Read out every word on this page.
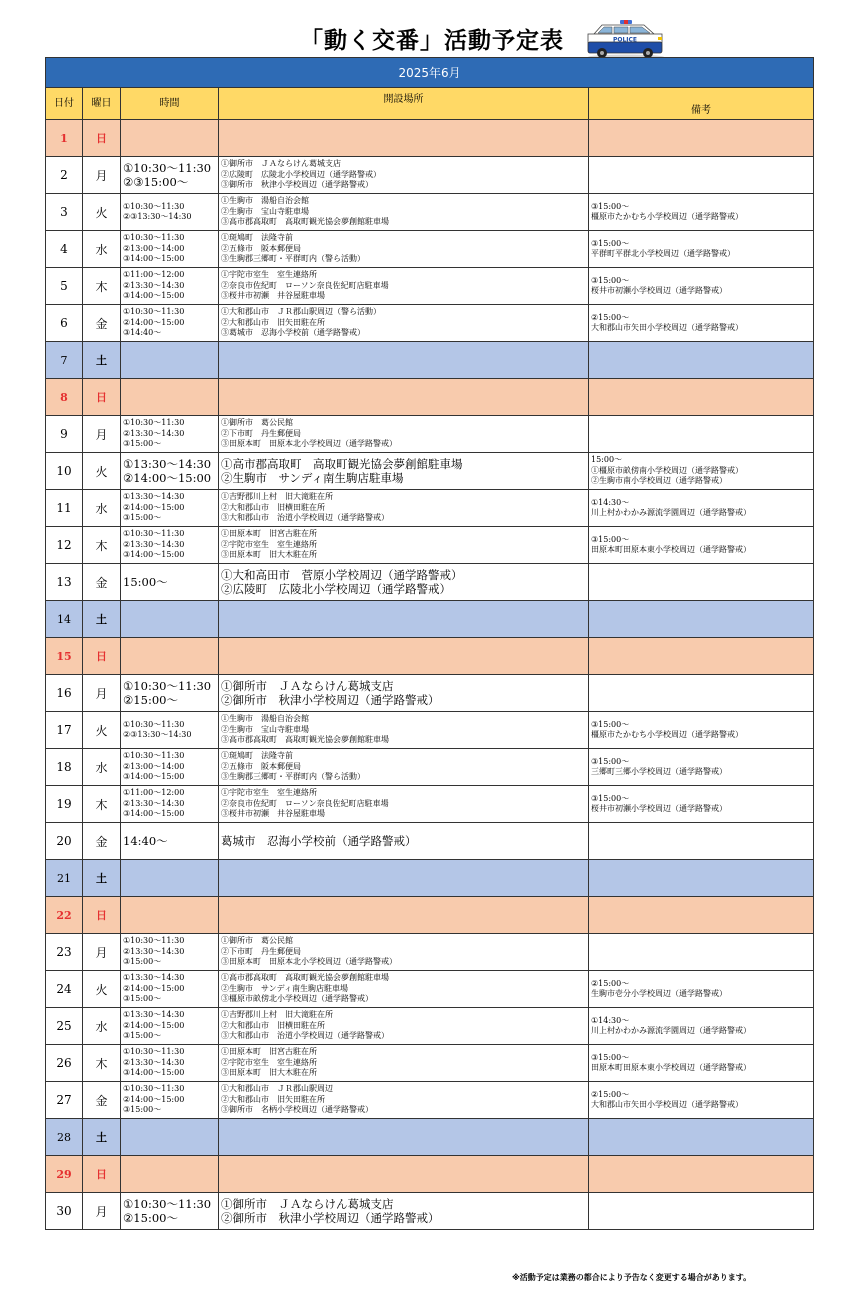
「動く交番」活動予定表	POLICE
2025年6月				
日付	曜日	時間	開設場所	備考

1	日	

2	月	①10:30～11:30
②③15:00～	①御所市　ＪＡならけん葛城支店
②広陵町　広陵北小学校周辺（通学路警戒）
③御所市　秋津小学校周辺（通学路警戒）	

3	火	①10:30～11:30
②③13:30～14:30	①生駒市　湯船自治会館
②生駒市　宝山寺駐車場
③高市郡高取町　高取町観光協会夢創館駐車場	③15:00～
橿原市たかむち小学校周辺（通学路警戒）

4	水	①10:30～11:30
②13:00～14:00
③14:00～15:00	①斑鳩町　法隆寺前
②五條市　阪本郵便局
③生駒郡三郷町・平群町内（警ら活動）	③15:00～
平群町平群北小学校周辺（通学路警戒）

5	木	①11:00～12:00
②13:30～14:30
③14:00～15:00	①宇陀市室生　室生連絡所
②奈良市佐紀町　ローソン奈良佐紀町店駐車場
③桜井市初瀬　井谷屋駐車場	③15:00～
桜井市初瀬小学校周辺（通学路警戒）

6	金	①10:30～11:30
②14:00～15:00
③14:40～	①大和郡山市　ＪＲ郡山駅周辺（警ら活動）
②大和郡山市　旧矢田駐在所
③葛城市　忍海小学校前（通学路警戒）	②15:00～
大和郡山市矢田小学校周辺（通学路警戒）

7	土	

8	日	

9	月	①10:30～11:30
②13:30～14:30
③15:00～	①御所市　葛公民館
②下市町　丹生郵便局
③田原本町　田原本北小学校周辺（通学路警戒）	

10	火	①13:30～14:30
②14:00～15:00	①高市郡高取町　高取町観光協会夢創館駐車場
②生駒市　サンディ南生駒店駐車場	15:00～
①橿原市畝傍南小学校周辺（通学路警戒）
②生駒市南小学校周辺（通学路警戒）

11	水	①13:30～14:30
②14:00～15:00
③15:00～	①吉野郡川上村　旧大滝駐在所
②大和郡山市　旧横田駐在所
③大和郡山市　治道小学校周辺（通学路警戒）	①14:30～
川上村かわかみ源流学園周辺（通学路警戒）

12	木	①10:30～11:30
②13:30～14:30
③14:00～15:00	①田原本町　旧宮古駐在所
②宇陀市室生　室生連絡所
③田原本町　旧大木駐在所	③15:00～
田原本町田原本東小学校周辺（通学路警戒）

13	金	15:00～	①大和高田市　菅原小学校周辺（通学路警戒）
②広陵町　広陵北小学校周辺（通学路警戒）	

14	土	

15	日	

16	月	①10:30～11:30
②15:00～	①御所市　ＪＡならけん葛城支店
②御所市　秋津小学校周辺（通学路警戒）	

17	火	①10:30～11:30
②③13:30～14:30	①生駒市　湯船自治会館
②生駒市　宝山寺駐車場
③高市郡高取町　高取町観光協会夢創館駐車場	③15:00～
橿原市たかむち小学校周辺（通学路警戒）

18	水	①10:30～11:30
②13:00～14:00
③14:00～15:00	①斑鳩町　法隆寺前
②五條市　阪本郵便局
③生駒郡三郷町・平群町内（警ら活動）	③15:00～
三郷町三郷小学校周辺（通学路警戒）

19	木	①11:00～12:00
②13:30～14:30
③14:00～15:00	①宇陀市室生　室生連絡所
②奈良市佐紀町　ローソン奈良佐紀町店駐車場
③桜井市初瀬　井谷屋駐車場	③15:00～
桜井市初瀬小学校周辺（通学路警戒）

20	金	14:40～	葛城市　忍海小学校前（通学路警戒）	

21	土	

22	日	

23	月	①10:30～11:30
②13:30～14:30
③15:00～	①御所市　葛公民館
②下市町　丹生郵便局
③田原本町　田原本北小学校周辺（通学路警戒）	

24	火	①13:30～14:30
②14:00～15:00
③15:00～	①高市郡高取町　高取町観光協会夢創館駐車場
②生駒市　サンディ南生駒店駐車場
③橿原市畝傍北小学校周辺（通学路警戒）	②15:00～
生駒市壱分小学校周辺（通学路警戒）

25	水	①13:30～14:30
②14:00～15:00
③15:00～	①吉野郡川上村　旧大滝駐在所
②大和郡山市　旧横田駐在所
③大和郡山市　治道小学校周辺（通学路警戒）	①14:30～
川上村かわかみ源流学園周辺（通学路警戒）

26	木	①10:30～11:30
②13:30～14:30
③14:00～15:00	①田原本町　旧宮古駐在所
②宇陀市室生　室生連絡所
③田原本町　旧大木駐在所	③15:00～
田原本町田原本東小学校周辺（通学路警戒）

27	金	①10:30～11:30
②14:00～15:00
③15:00～	①大和郡山市　ＪＲ郡山駅周辺
②大和郡山市　旧矢田駐在所
③御所市　名柄小学校周辺（通学路警戒）	②15:00～
大和郡山市矢田小学校周辺（通学路警戒）

28	土	

29	日	

30	月	①10:30～11:30
②15:00～	①御所市　ＪＡならけん葛城支店
②御所市　秋津小学校周辺（通学路警戒）	

※活動予定は業務の都合により予告なく変更する場合があります。
